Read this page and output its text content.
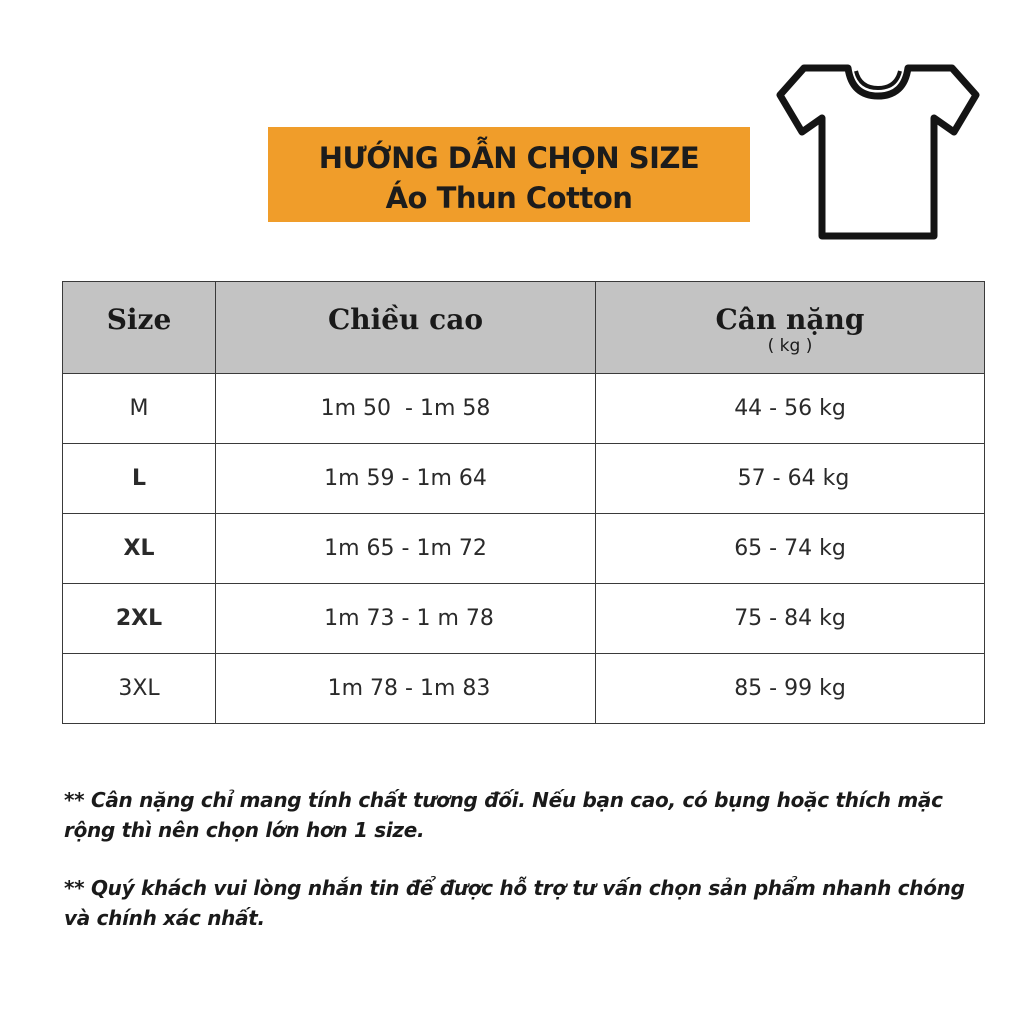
HƯỚNG DẪN CHỌN SIZE
Áo Thun Cotton
Size	Chiều cao	Cân nặng
( kg )

M	1m 50  - 1m 58	44 - 56 kg
L	1m 59 - 1m 64	57 - 64 kg
XL	1m 65 - 1m 72	65 - 74 kg
2XL	1m 73 - 1 m 78	75 - 84 kg
3XL	1m 78 - 1m 83	85 - 99 kg

** Cân nặng chỉ mang tính chất tương đối. Nếu bạn cao, có bụng hoặc thích mặc rộng thì nên chọn lớn hơn 1 size.

** Quý khách vui lòng nhắn tin để được hỗ trợ tư vấn chọn sản phẩm nhanh chóng và chính xác nhất.
